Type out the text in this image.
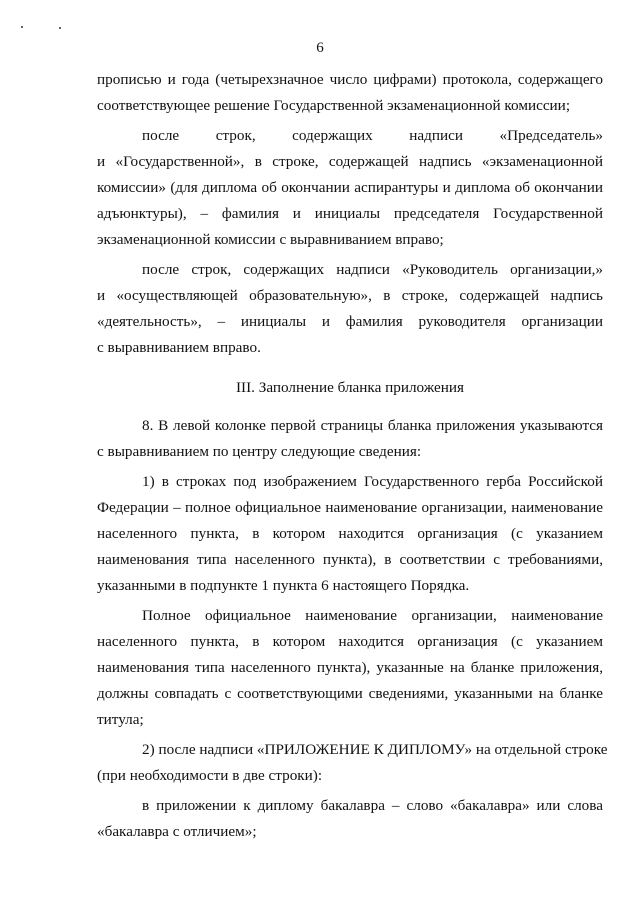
6

прописью и года (четырехзначное число цифрами) протокола, содержащего
соответствующее решение Государственной экзаменационной комиссии;

после строк, содержащих надписи «Председатель»
и «Государственной», в строке, содержащей надпись «экзаменационной
комиссии» (для диплома об окончании аспирантуры и диплома об окончании
адъюнктуры), – фамилия и инициалы председателя Государственной
экзаменационной комиссии с выравниванием вправо;

после строк, содержащих надписи «Руководитель организации,»
и «осуществляющей образовательную», в строке, содержащей надпись
«деятельность», – инициалы и фамилия руководителя организации
с выравниванием вправо.

III. Заполнение бланка приложения

8. В левой колонке первой страницы бланка приложения указываются
с выравниванием по центру следующие сведения:

1) в строках под изображением Государственного герба Российской
Федерации – полное официальное наименование организации, наименование
населенного пункта, в котором находится организация (с указанием
наименования типа населенного пункта), в соответствии с требованиями,
указанными в подпункте 1 пункта 6 настоящего Порядка.

Полное официальное наименование организации, наименование
населенного пункта, в котором находится организация (с указанием
наименования типа населенного пункта), указанные на бланке приложения,
должны совпадать с соответствующими сведениями, указанными на бланке
титула;

2) после надписи «ПРИЛОЖЕНИЕ К ДИПЛОМУ» на отдельной строке
(при необходимости в две строки):

в приложении к диплому бакалавра – слово «бакалавра» или слова
«бакалавра с отличием»;
